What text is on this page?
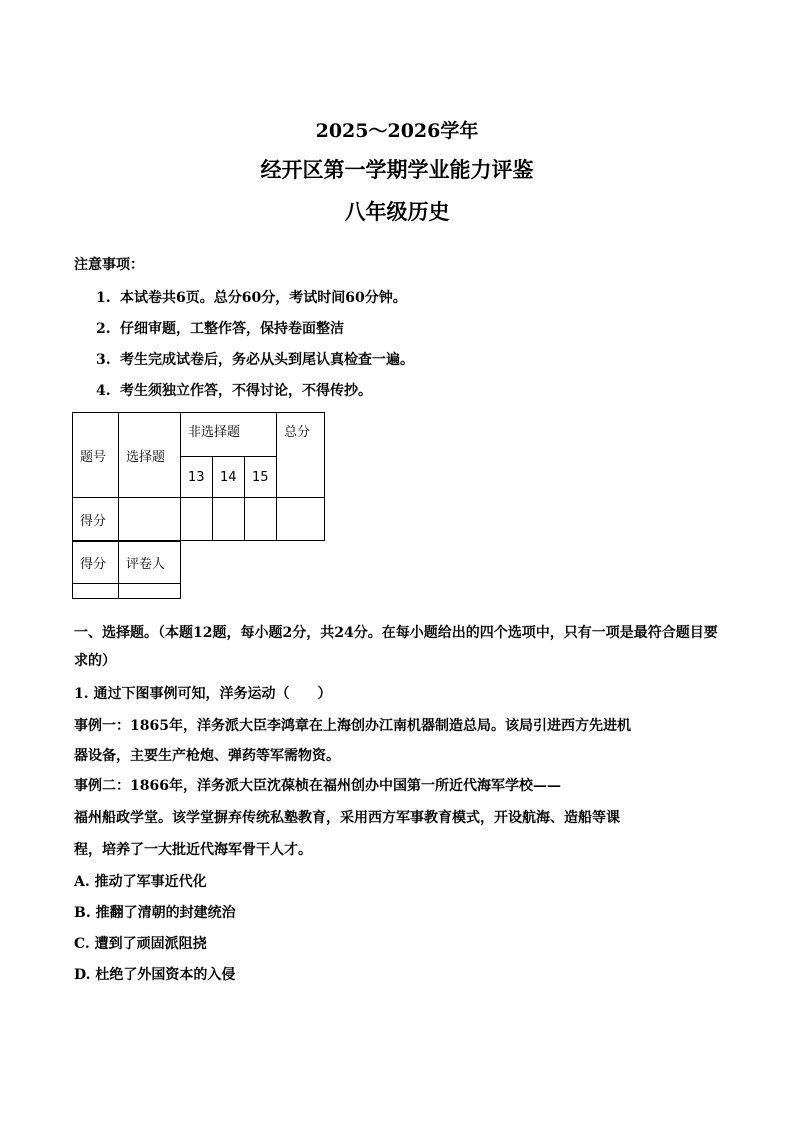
2025～2026学年
经开区第一学期学业能力评鉴
八年级历史
注意事项：
1. 本试卷共6页。总分60分，考试时间60分钟。
2. 仔细审题，工整作答，保持卷面整洁
3. 考生完成试卷后，务必从头到尾认真检查一遍。
4. 考生须独立作答，不得讨论，不得传抄。
题号	选择题	非选择题			总分
		13	14	15	
得分					
得分	评卷人

一、选择题。（本题12题，每小题2分，共24分。在每小题给出的四个选项中，只有一项是最符合题目要求的）
1. 通过下图事例可知，洋务运动（　　）
事例一：1865年，洋务派大臣李鸿章在上海创办江南机器制造总局。该局引进西方先进机
器设备，主要生产枪炮、弹药等军需物资。
事例二：1866年，洋务派大臣沈葆桢在福州创办中国第一所近代海军学校——
福州船政学堂。该学堂摒弃传统私塾教育，采用西方军事教育模式，开设航海、造船等课
程，培养了一大批近代海军骨干人才。
A. 推动了军事近代化
B. 推翻了清朝的封建统治
C. 遭到了顽固派阻挠
D. 杜绝了外国资本的入侵
